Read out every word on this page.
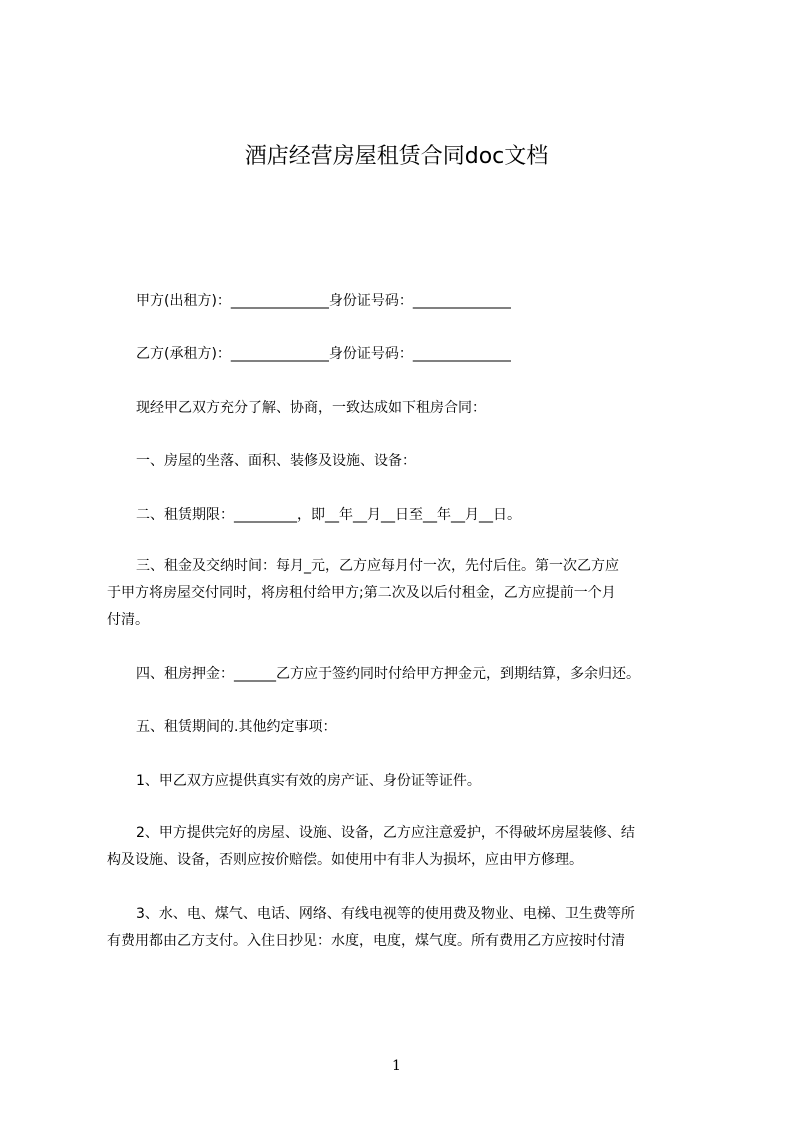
酒店经营房屋租赁合同doc文档
甲方(出租方)：______________身份证号码：______________
乙方(承租方)：______________身份证号码：______________
现经甲乙双方充分了解、协商，一致达成如下租房合同：
一、房屋的坐落、面积、装修及设施、设备：
二、租赁期限：_________，即__年__月__日至__年__月__日。
三、租金及交纳时间：每月_元，乙方应每月付一次，先付后住。第一次乙方应
于甲方将房屋交付同时，将房租付给甲方;第二次及以后付租金，乙方应提前一个月
付清。
四、租房押金：______乙方应于签约同时付给甲方押金元，到期结算，多余归还。
五、租赁期间的.其他约定事项：
1、甲乙双方应提供真实有效的房产证、身份证等证件。
2、甲方提供完好的房屋、设施、设备，乙方应注意爱护，不得破坏房屋装修、结
构及设施、设备，否则应按价赔偿。如使用中有非人为损坏，应由甲方修理。
3、水、电、煤气、电话、网络、有线电视等的使用费及物业、电梯、卫生费等所
有费用都由乙方支付。入住日抄见：水度，电度，煤气度。所有费用乙方应按时付清
1
